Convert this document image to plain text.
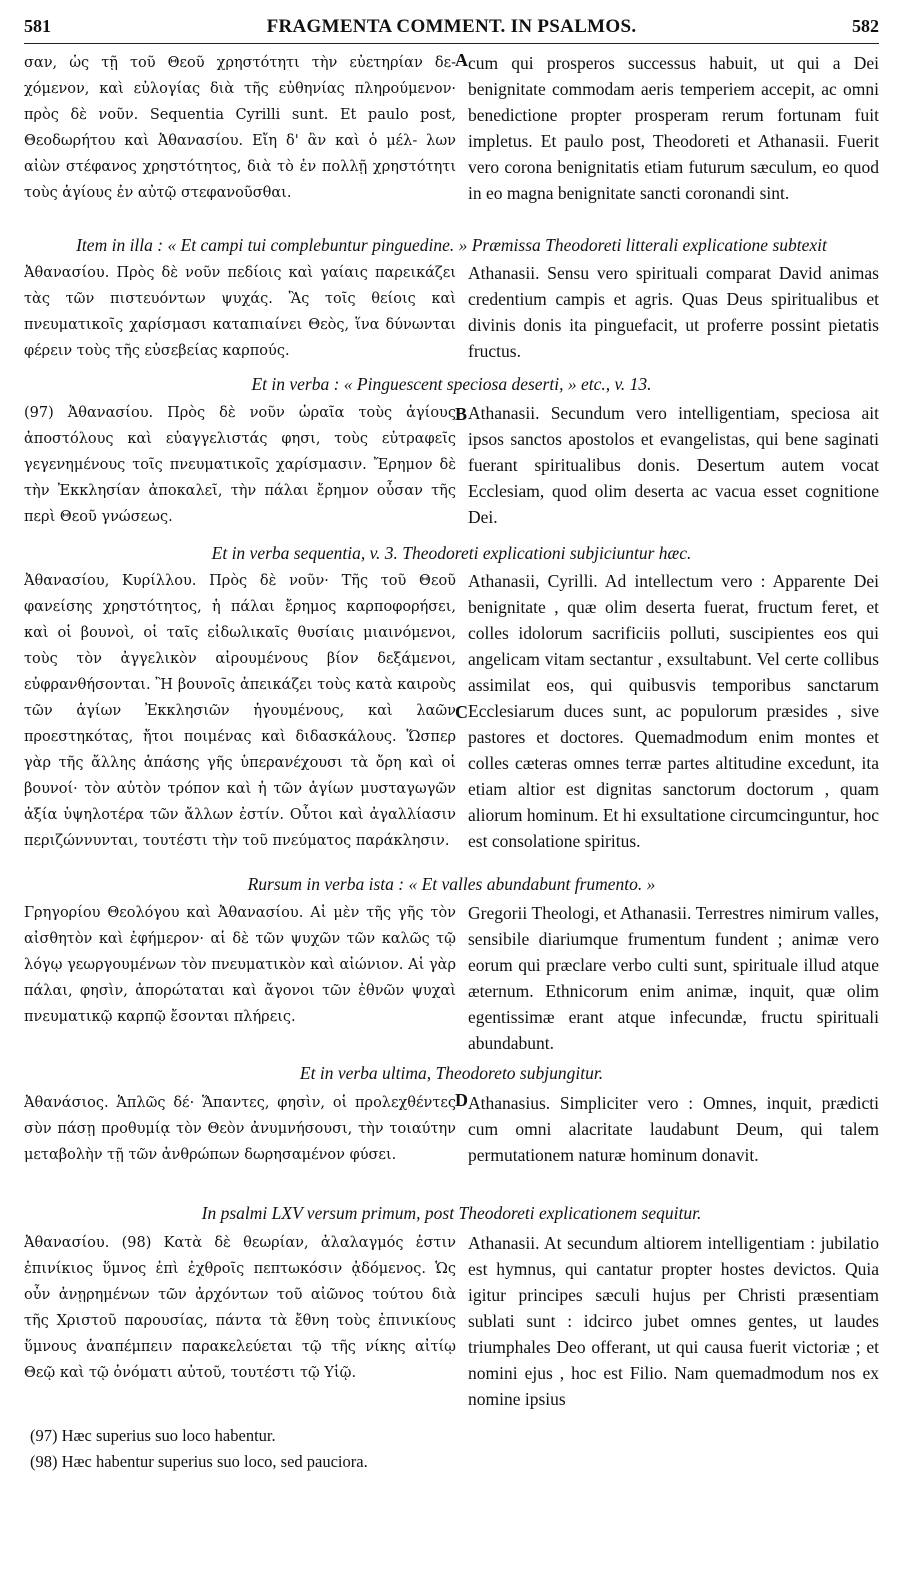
581	FRAGMENTA COMMENT. IN PSALMOS.	582

σαν, ὡς τῇ τοῦ Θεοῦ χρηστότητι τὴν εὐετηρίαν δε- χόμενον, καὶ εὐλογίας διὰ τῆς εὐθηνίας πληρούμενον· πρὸς δὲ νοῦν. Sequentia Cyrilli sunt. Et paulo post, Θεοδωρήτου καὶ Ἀθανασίου. Εἴη δ' ἂν καὶ ὁ μέλ- λων αἰὼν στέφανος χρηστότητος, διὰ τὸ ἐν πολλῇ χρηστότητι τοὺς ἁγίους ἐν αὐτῷ στεφανοῦσθαι.

A cum qui prosperos successus habuit, ut qui a Dei benignitate commodam aeris temperiem accepit, ac omni benedictione propter prosperam rerum fortunam fuit impletus. Et paulo post, Theodoreti et Athanasii. Fuerit vero corona benignitatis etiam futurum sæculum, eo quod in eo magna benignitate sancti coronandi sint.

Item in illa : « Et campi tui complebuntur pinguedine. » Præmissa Theodoreti litterali explicatione subtexit

Ἀθανασίου. Πρὸς δὲ νοῦν πεδίοις καὶ γαίαις παρεικάζει τὰς τῶν πιστευόντων ψυχάς. Ἃς τοῖς θείοις καὶ πνευματικοῖς χαρίσμασι καταπιαίνει Θεὸς, ἵνα δύνωνται φέρειν τοὺς τῆς εὐσεβείας καρπούς.

Athanasii. Sensu vero spirituali comparat David animas credentium campis et agris. Quas Deus spiritualibus et divinis donis ita pinguefacit, ut proferre possint pietatis fructus.

Et in verba : « Pinguescent speciosa deserti, » etc., v. 13.

(97) Ἀθανασίου. Πρὸς δὲ νοῦν ὡραῖα τοὺς ἁγίους ἀποστόλους καὶ εὐαγγελιστάς φησι, τοὺς εὐτραφεῖς γεγενημένους τοῖς πνευματικοῖς χαρίσμασιν. Ἔρημον δὲ τὴν Ἐκκλησίαν ἀποκαλεῖ, τὴν πάλαι ἔρημον οὖσαν τῆς περὶ Θεοῦ γνώσεως.

B Athanasii. Secundum vero intelligentiam, speciosa ait ipsos sanctos apostolos et evangelistas, qui bene saginati fuerant spiritualibus donis. Desertum autem vocat Ecclesiam, quod olim deserta ac vacua esset cognitione Dei.

Et in verba sequentia, v. 3. Theodoreti explicationi subjiciuntur hæc.

Ἀθανασίου, Κυρίλλου. Πρὸς δὲ νοῦν· Τῆς τοῦ Θεοῦ φανείσης χρηστότητος, ἡ πάλαι ἔρημος καρποφορήσει, καὶ οἱ βουνοὶ, οἱ ταῖς εἰδωλικαῖς θυσίαις μιαινόμενοι, τοὺς τὸν ἀγγελικὸν αἱρουμένους βίον δεξάμενοι, εὐφρανθήσονται. Ἢ βουνοῖς ἀπεικάζει τοὺς κατὰ καιροὺς τῶν ἁγίων Ἐκκλησιῶν ἡγουμένους, καὶ λαῶν προεστηκότας, ἤτοι ποιμένας καὶ διδασκάλους. Ὥσπερ γὰρ τῆς ἄλλης ἁπάσης γῆς ὑπερανέχουσι τὰ ὄρη καὶ οἱ βουνοί· τὸν αὐτὸν τρόπον καὶ ἡ τῶν ἁγίων μυσταγωγῶν ἀξία ὑψηλοτέρα τῶν ἄλλων ἐστίν. Οὗτοι καὶ ἀγαλλίασιν περιζώννυνται, τουτέστι τὴν τοῦ πνεύματος παράκλησιν.

C

Athanasii, Cyrilli. Ad intellectum vero : Apparente Dei benignitate , quæ olim deserta fuerat, fructum feret, et colles idolorum sacrificiis polluti, suscipientes eos qui angelicam vitam sectantur , exsultabunt. Vel certe collibus assimilat eos, qui quibusvis temporibus sanctarum Ecclesiarum duces sunt, ac populorum præsides , sive pastores et doctores. Quemadmodum enim montes et colles cæteras omnes terræ partes altitudine excedunt, ita etiam altior est dignitas sanctorum doctorum , quam aliorum hominum. Et hi exsultatione circumcinguntur, hoc est consolatione spiritus.

Rursum in verba ista : « Et valles abundabunt frumento. »

Γρηγορίου Θεολόγου καὶ Ἀθανασίου. Αἱ μὲν τῆς γῆς τὸν αἰσθητὸν καὶ ἐφήμερον· αἱ δὲ τῶν ψυχῶν τῶν καλῶς τῷ λόγῳ γεωργουμένων τὸν πνευματικὸν καὶ αἰώνιον. Αἱ γὰρ πάλαι, φησὶν, ἀπορώταται καὶ ἄγονοι τῶν ἐθνῶν ψυχαὶ πνευματικῷ καρπῷ ἔσονται πλήρεις.

Gregorii Theologi, et Athanasii. Terrestres nimirum valles, sensibile diariumque frumentum fundent ; animæ vero eorum qui præclare verbo culti sunt, spirituale illud atque æternum. Ethnicorum enim animæ, inquit, quæ olim egentissimæ erant atque infecundæ, fructu spirituali abundabunt.

Et in verba ultima, Theodoreto subjungitur.

Ἀθανάσιος. Ἁπλῶς δέ· Ἅπαντες, φησὶν, οἱ προλεχθέντες σὺν πάσῃ προθυμίᾳ τὸν Θεὸν ἀνυμνήσουσι, τὴν τοιαύτην μεταβολὴν τῇ τῶν ἀνθρώπων δωρησαμένον φύσει.

D Athanasius. Simpliciter vero : Omnes, inquit, prædicti cum omni alacritate laudabunt Deum, qui talem permutationem naturæ hominum donavit.

In psalmi LXV versum primum, post Theodoreti explicationem sequitur.

Ἀθανασίου. (98) Κατὰ δὲ θεωρίαν, ἀλαλαγμός ἐστιν ἐπινίκιος ὕμνος ἐπὶ ἐχθροῖς πεπτωκόσιν ᾀδόμενος. Ὡς οὖν ἀνῃρημένων τῶν ἀρχόντων τοῦ αἰῶνος τούτου διὰ τῆς Χριστοῦ παρουσίας, πάντα τὰ ἔθνη τοὺς ἐπινικίους ὕμνους ἀναπέμπειν παρακελεύεται τῷ τῆς νίκης αἰτίῳ Θεῷ καὶ τῷ ὀνόματι αὐτοῦ, τουτέστι τῷ Υἱῷ.

Athanasii. At secundum altiorem intelligentiam : jubilatio est hymnus, qui cantatur propter hostes devictos. Quia igitur principes sæculi hujus per Christi præsentiam sublati sunt : idcirco jubet omnes gentes, ut laudes triumphales Deo offerant, ut qui causa fuerit victoriæ ; et nomini ejus , hoc est Filio. Nam quemadmodum nos ex nomine ipsius

(97) Hæc superius suo loco habentur.
(98) Hæc habentur superius suo loco, sed pauciora.
